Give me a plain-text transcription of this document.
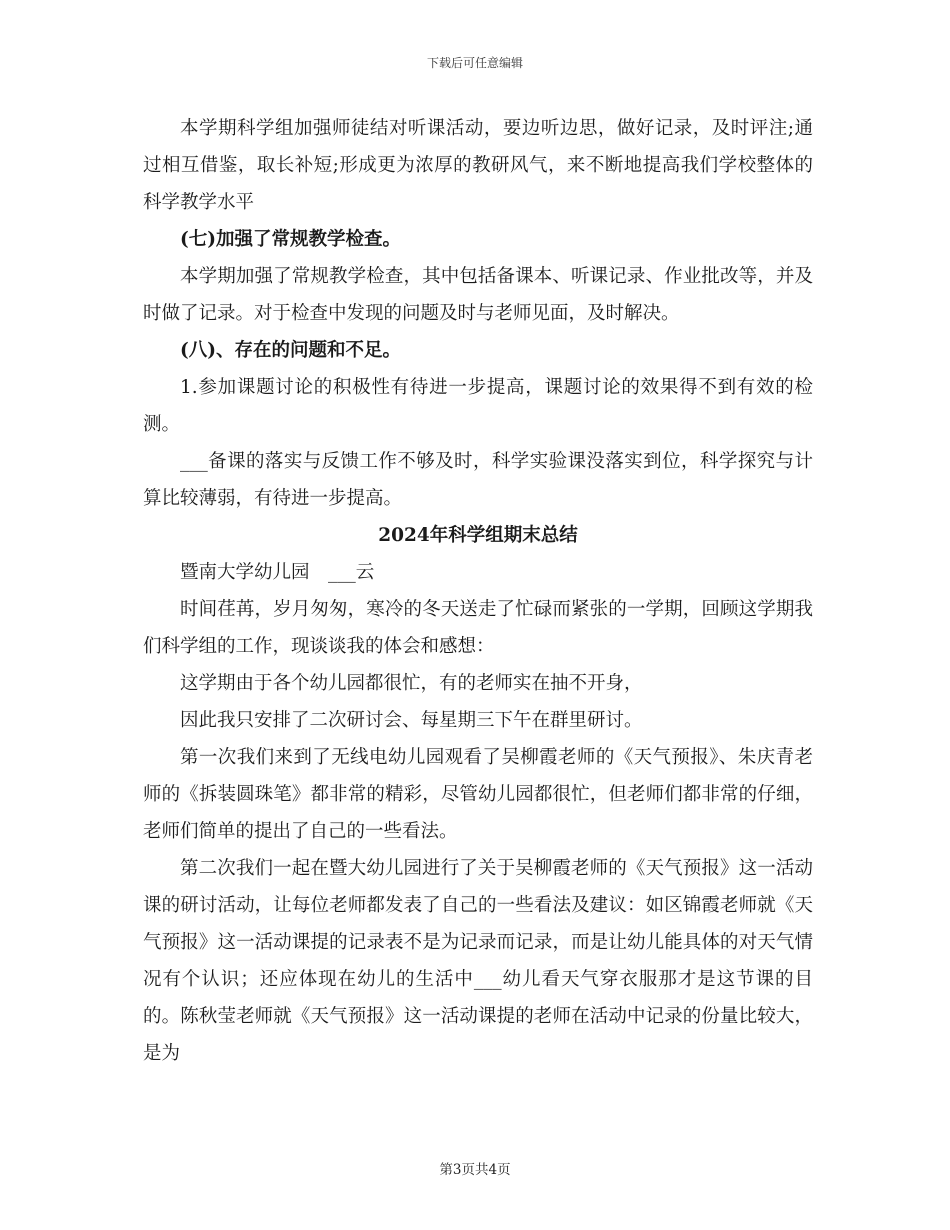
下载后可任意编辑

本学期科学组加强师徒结对听课活动，要边听边思，做好记录，及时评注;通过相互借鉴，取长补短;形成更为浓厚的教研风气，来不断地提高我们学校整体的科学教学水平

(七)加强了常规教学检查。

本学期加强了常规教学检查，其中包括备课本、听课记录、作业批改等，并及时做了记录。对于检查中发现的问题及时与老师见面，及时解决。

(八)、存在的问题和不足。

1.参加课题讨论的积极性有待进一步提高，课题讨论的效果得不到有效的检测。

___备课的落实与反馈工作不够及时，科学实验课没落实到位，科学探究与计算比较薄弱，有待进一步提高。

2024年科学组期末总结

暨南大学幼儿园　___云

时间荏苒，岁月匆匆，寒冷的冬天送走了忙碌而紧张的一学期，回顾这学期我们科学组的工作，现谈谈我的体会和感想：

这学期由于各个幼儿园都很忙，有的老师实在抽不开身，

因此我只安排了二次研讨会、每星期三下午在群里研讨。

第一次我们来到了无线电幼儿园观看了吴柳霞老师的《天气预报》、朱庆青老师的《拆装圆珠笔》都非常的精彩，尽管幼儿园都很忙，但老师们都非常的仔细，老师们简单的提出了自己的一些看法。

第二次我们一起在暨大幼儿园进行了关于吴柳霞老师的《天气预报》这一活动课的研讨活动，让每位老师都发表了自己的一些看法及建议：如区锦霞老师就《天气预报》这一活动课提的记录表不是为记录而记录，而是让幼儿能具体的对天气情况有个认识；还应体现在幼儿的生活中___幼儿看天气穿衣服那才是这节课的目的。陈秋莹老师就《天气预报》这一活动课提的老师在活动中记录的份量比较大，是为

第3页共4页
